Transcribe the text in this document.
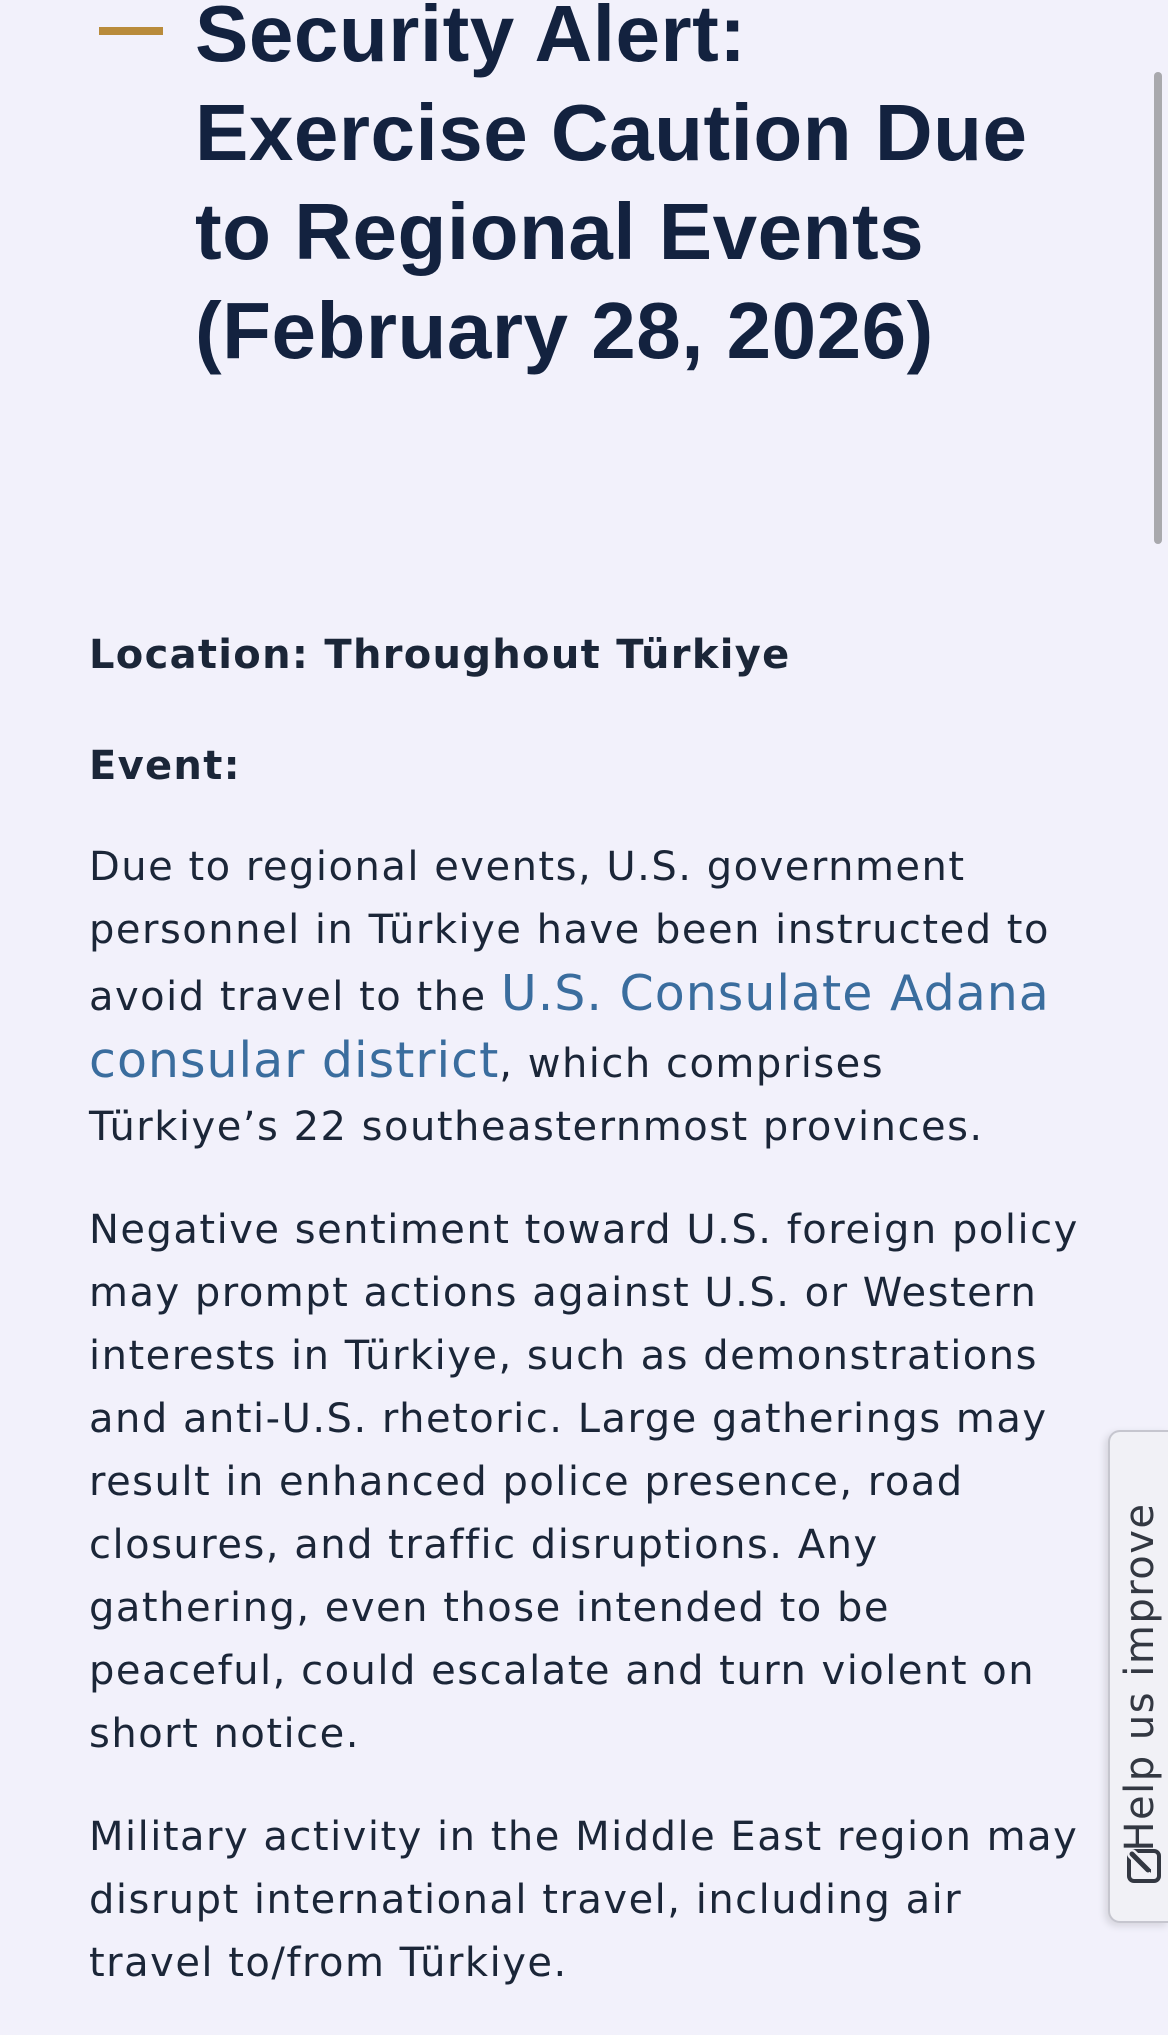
Security Alert: Exercise Caution Due to Regional Events (February 28, 2026)

Location: Throughout Türkiye

Event:

Due to regional events, U.S. government personnel in Türkiye have been instructed to avoid travel to the U.S. Consulate Adana consular district, which comprises Türkiye’s 22 southeasternmost provinces.

Negative sentiment toward U.S. foreign policy may prompt actions against U.S. or Western interests in Türkiye, such as demonstrations and anti-U.S. rhetoric. Large gatherings may result in enhanced police presence, road closures, and traffic disruptions. Any gathering, even those intended to be peaceful, could escalate and turn violent on short notice.

Military activity in the Middle East region may disrupt international travel, including air travel to/from Türkiye.

Help us improve
